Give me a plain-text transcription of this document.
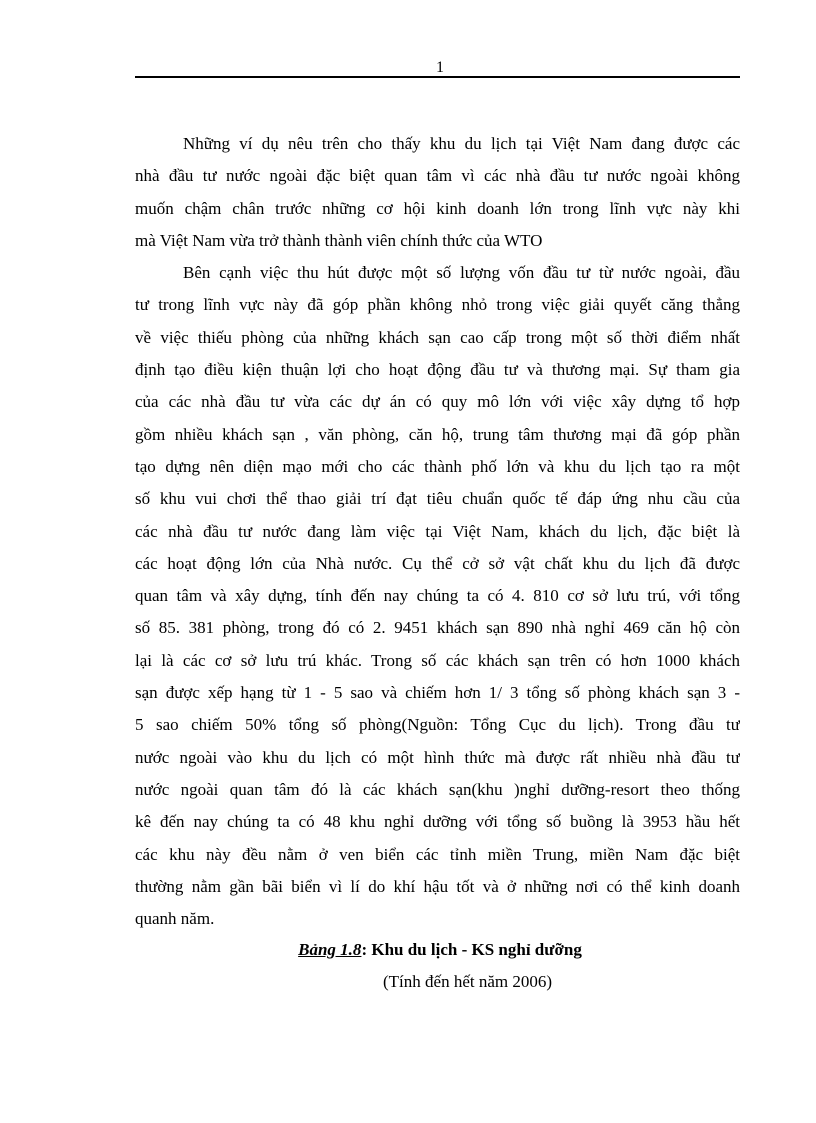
1

Những ví dụ nêu trên cho thấy khu du lịch tại Việt Nam đang được các
nhà đầu tư nước ngoài đặc biệt quan tâm vì các nhà đầu tư nước ngoài không
muốn chậm chân trước những cơ hội kinh doanh lớn trong lĩnh vực này khi
mà Việt Nam vừa trở thành thành viên chính thức của WTO

Bên cạnh việc thu hút được một số lượng vốn đầu tư từ nước ngoài, đầu
tư trong lĩnh vực này đã góp phần không nhỏ trong việc giải quyết căng thẳng
về việc thiếu phòng của những khách sạn cao cấp trong một số thời điểm nhất
định tạo điều kiện thuận lợi cho hoạt động đầu tư và thương mại. Sự tham gia
của các nhà đầu tư vừa các dự án có quy mô lớn với việc xây dựng tổ hợp
gồm nhiều khách sạn , văn phòng, căn hộ, trung tâm thương mại đã góp phần
tạo dựng nên diện mạo mới cho các thành phố lớn và khu du lịch tạo ra một
số khu vui chơi thể thao giải trí đạt tiêu chuẩn quốc tế đáp ứng nhu cầu của
các nhà đầu tư nước đang làm việc tại Việt Nam, khách du lịch, đặc biệt là
các hoạt động lớn của Nhà nước. Cụ thể cở sở vật chất khu du lịch đã được
quan tâm và xây dựng, tính đến nay chúng ta có 4. 810 cơ sở lưu trú, với tổng
số 85. 381 phòng, trong đó có 2. 9451 khách sạn 890 nhà nghỉ 469 căn hộ còn
lại là các cơ sở lưu trú khác. Trong số các khách sạn trên có hơn 1000 khách
sạn được xếp hạng từ 1 - 5 sao và chiếm hơn 1/ 3 tổng số phòng khách sạn 3 -
5 sao chiếm 50% tổng số phòng(Nguồn: Tổng Cục du lịch). Trong đầu tư
nước ngoài vào khu du lịch có một hình thức mà được rất nhiều nhà đầu tư
nước ngoài quan tâm đó là các khách sạn(khu )nghỉ dưỡng-resort theo thống
kê đến nay chúng ta có 48 khu nghỉ dưỡng với tổng số buồng là 3953 hầu hết
các khu này đều nằm ở ven biển các tỉnh miền Trung, miền Nam đặc biệt
thường nằm gần bãi biển vì lí do khí hậu tốt và ở những nơi có thể kinh doanh
quanh năm.

Bảng 1.8: Khu du lịch - KS nghỉ dưỡng
(Tính đến hết năm 2006)
